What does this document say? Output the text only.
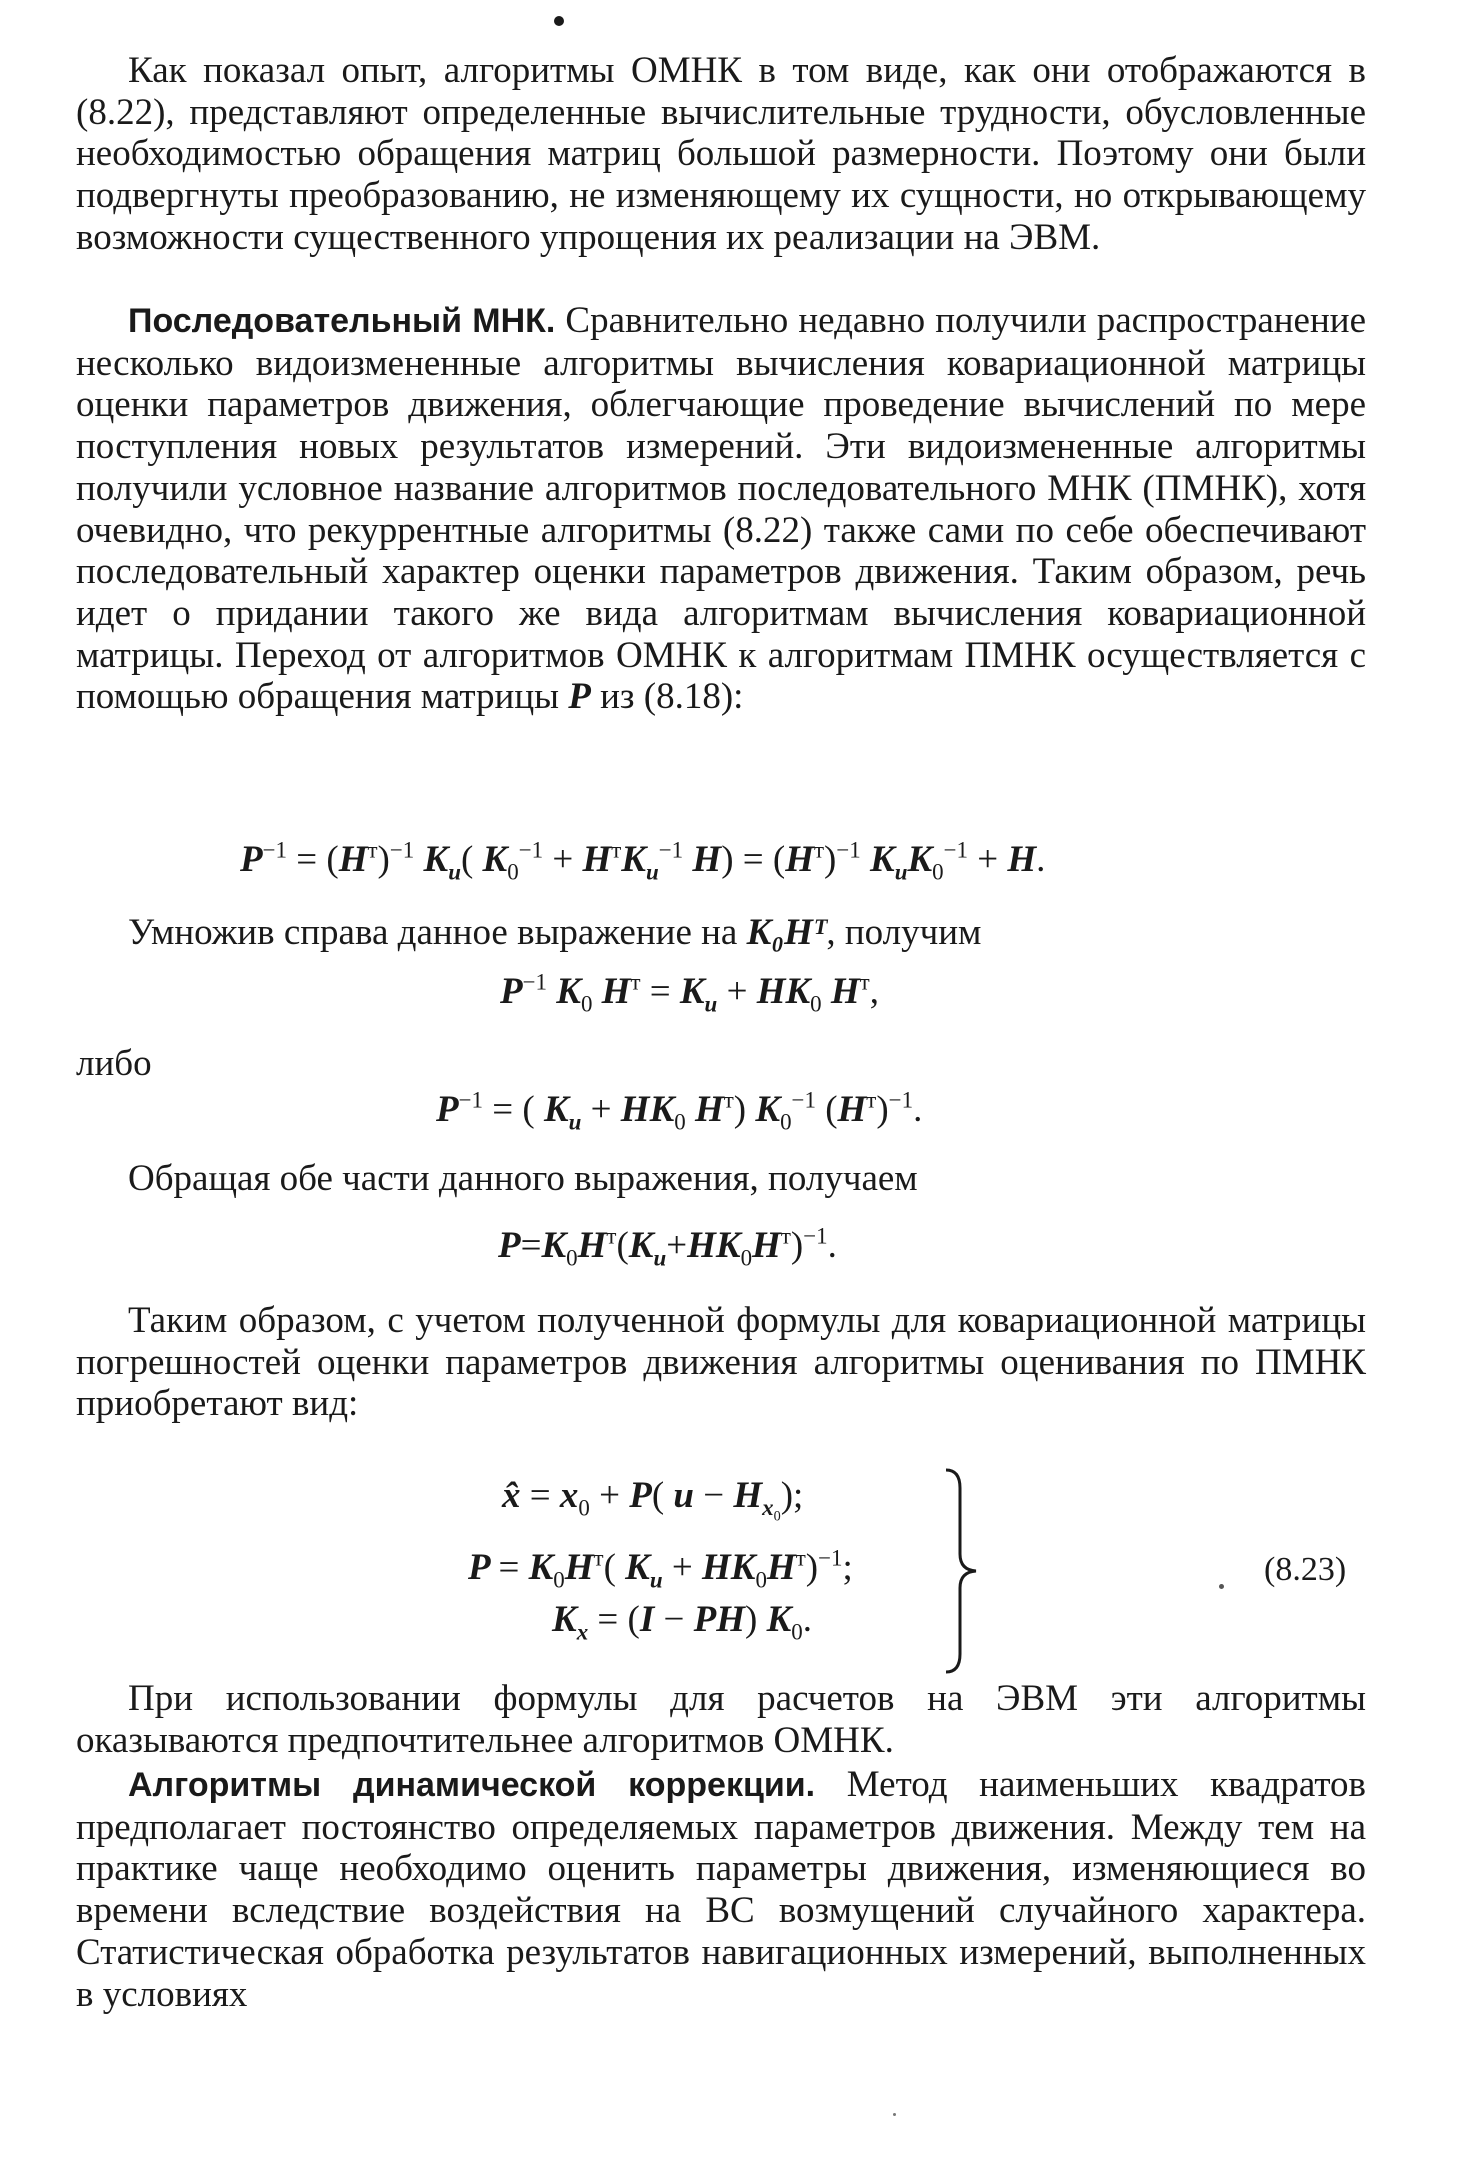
Как показал опыт, алгоритмы ОМНК в том виде, как они отображаются в (8.22), представляют определенные вычислительные трудности, обусловленные необходимостью обращения матриц большой размерности. Поэтому они были подвергнуты преобразованию, не изменяющему их сущности, но открывающему возможности существенного упрощения их реализации на ЭВМ.
Последовательный МНК. Сравнительно недавно получили распространение несколько видоизмененные алгоритмы вычисления ковариационной матрицы оценки параметров движения, облегчающие проведение вычислений по мере поступления новых результатов измерений. Эти видоизмененные алгоритмы получили условное название алгоритмов последовательного МНК (ПМНК), хотя очевидно, что рекуррентные алгоритмы (8.22) также сами по себе обеспечивают последовательный характер оценки параметров движения. Таким образом, речь идет о придании такого же вида алгоритмам вычисления ковариационной матрицы. Переход от алгоритмов ОМНК к алгоритмам ПМНК осуществляется с помощью обращения матрицы P из (8.18):
$P^{-1} = (H^т)^{-1}$ $K_u$( $K_0^{-1} + H^тK_u^{-1}$ $H) = (H^т)^{-1}$ $K_uK_0^{-1} + H$.
Умножив справа данное выражение на K₀Hᵀ, получим
$P^{-1}$ $K_0$ $H^т = K_u + HK_0$ $H^т$,
либо
$P^{-1}$ = ( $K_u + HK_0$ $H^т$) $K_0^{-1}$ $(H^т)^{-1}$.
Обращая обе части данного выражения, получаем
$P=K_0H^т(K_u+HK_0H^т)^{-1}$.
Таким образом, с учетом полученной формулы для ковариационной матрицы погрешностей оценки параметров движения алгоритмы оценивания по ПМНК приобретают вид:
x̂ = $x_0 + P$( $u - H_{x_0}$);
$P = K_0H^т$( $K_u + HK_0H^т)^{-1}$;
$K_x = (I - PH)$ $K_0$.
(8.23)
При использовании формулы для расчетов на ЭВМ эти алгоритмы оказываются предпочтительнее алгоритмов ОМНК.
Алгоритмы динамической коррекции. Метод наименьших квадратов предполагает постоянство определяемых параметров движения. Между тем на практике чаще необходимо оценить параметры движения, изменяющиеся во времени вследствие воздействия на ВС возмущений случайного характера. Статистическая обработка результатов навигационных измерений, выполненных в условиях
